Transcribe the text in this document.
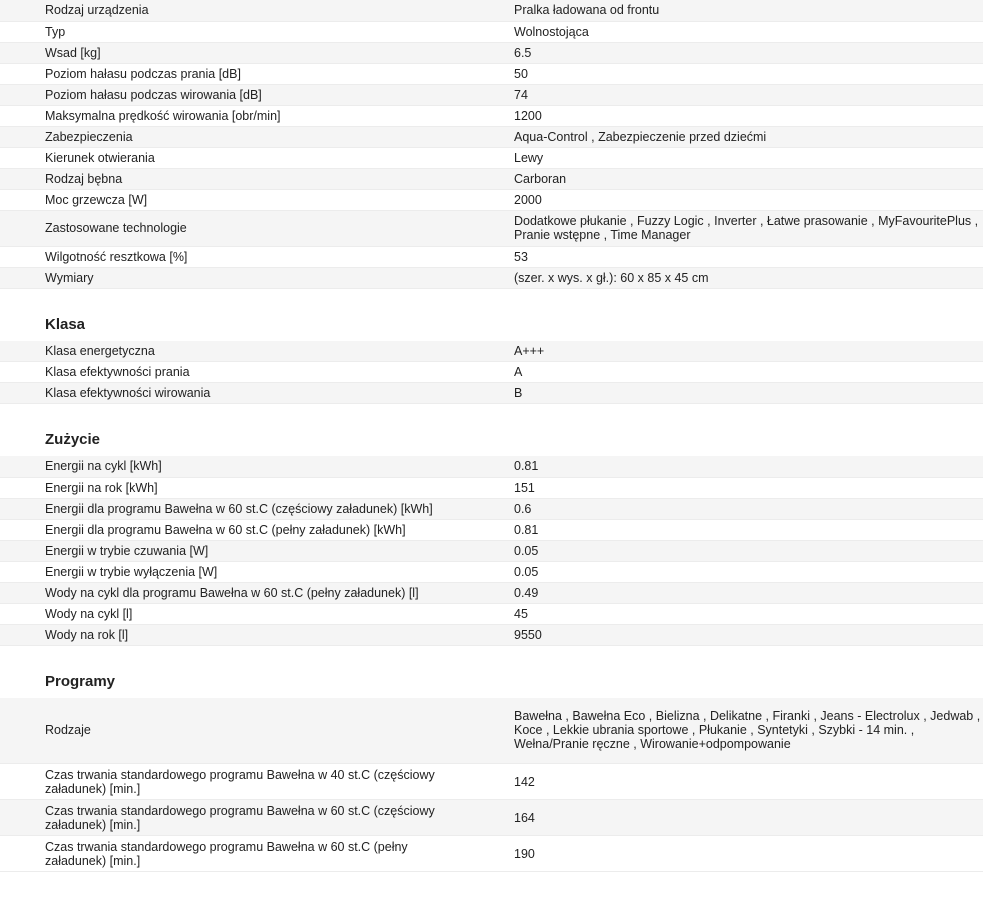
Rodzaj urządzenia	Pralka ładowana od frontu
Typ	Wolnostojąca
Wsad [kg]	6.5
Poziom hałasu podczas prania [dB]	50
Poziom hałasu podczas wirowania [dB]	74
Maksymalna prędkość wirowania [obr/min]	1200
Zabezpieczenia	Aqua-Control , Zabezpieczenie przed dziećmi
Kierunek otwierania	Lewy
Rodzaj bębna	Carboran
Moc grzewcza [W]	2000
Zastosowane technologie	Dodatkowe płukanie , Fuzzy Logic , Inverter , Łatwe prasowanie , MyFavouritePlus , Pranie wstępne , Time Manager
Wilgotność resztkowa [%]	53
Wymiary	(szer. x wys. x gł.): 60 x 85 x 45 cm
Klasa
Klasa energetyczna	A+++
Klasa efektywności prania	A
Klasa efektywności wirowania	B
Zużycie
Energii na cykl [kWh]	0.81
Energii na rok [kWh]	151
Energii dla programu Bawełna w 60 st.C (częściowy załadunek) [kWh]	0.6
Energii dla programu Bawełna w 60 st.C (pełny załadunek) [kWh]	0.81
Energii w trybie czuwania [W]	0.05
Energii w trybie wyłączenia [W]	0.05
Wody na cykl dla programu Bawełna w 60 st.C (pełny załadunek) [l]	0.49
Wody na cykl [l]	45
Wody na rok [l]	9550
Programy
Rodzaje	Bawełna , Bawełna Eco , Bielizna , Delikatne , Firanki , Jeans - Electrolux , Jedwab , Koce , Lekkie ubrania sportowe , Płukanie , Syntetyki , Szybki - 14 min. , Wełna/Pranie ręczne , Wirowanie+odpompowanie
Czas trwania standardowego programu Bawełna w 40 st.C (częściowy załadunek) [min.]	142
Czas trwania standardowego programu Bawełna w 60 st.C (częściowy załadunek) [min.]	164
Czas trwania standardowego programu Bawełna w 60 st.C (pełny załadunek) [min.]	190
